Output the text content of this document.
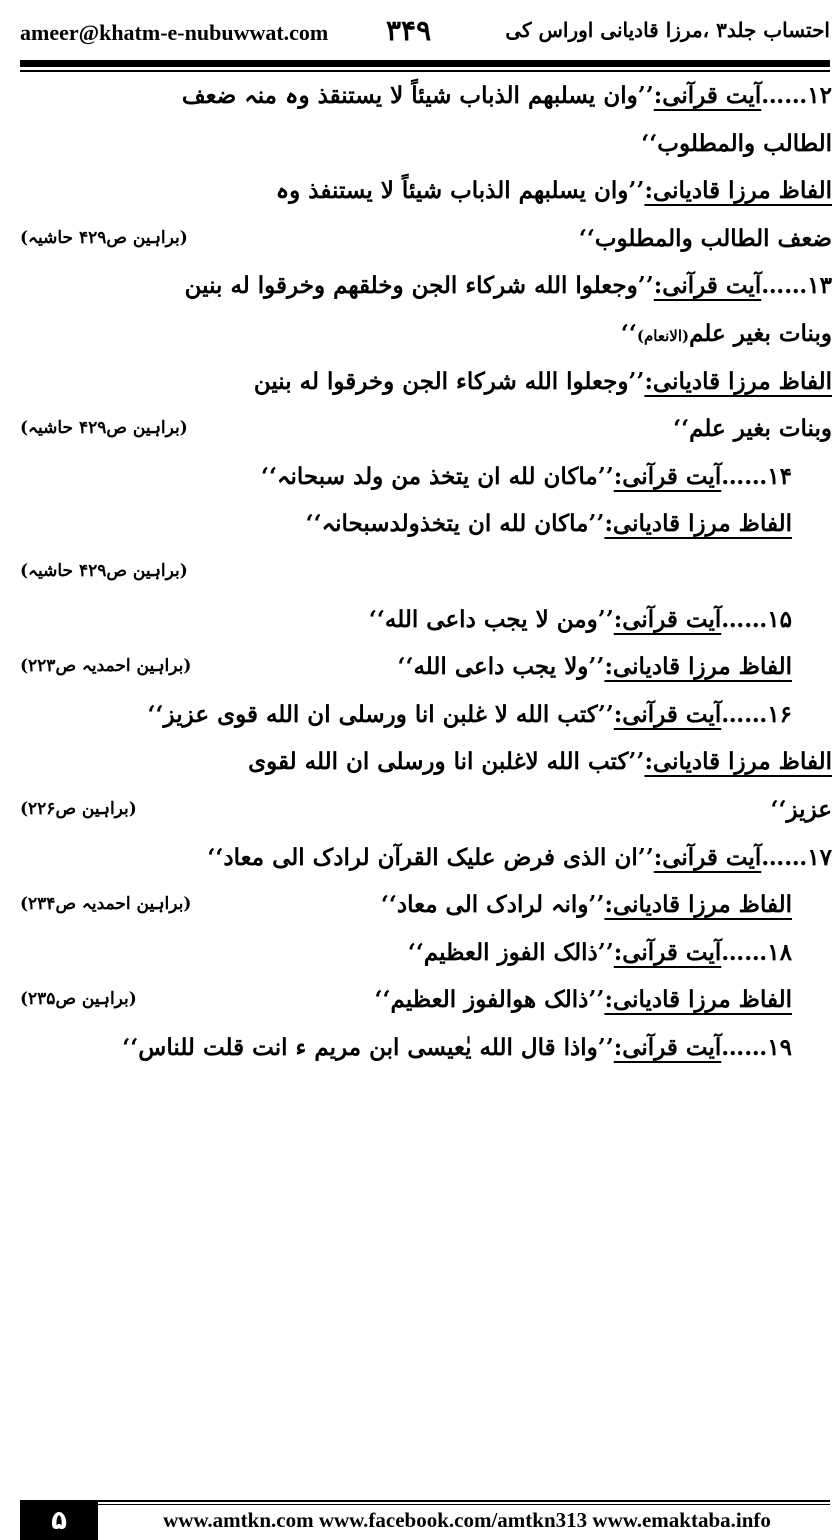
ameer@khatm-e-nubuwwat.com ۳۴۹	احتساب جلد۳ ،مرزا قادیانی اوراس کی
۱۲……آیت قرآنی:’’وان یسلبهم الذباب شیئاً لا یستنقذ وہ منہ ضعف
الطالب والمطلوب‘‘
الفاظ مرزا قادیانی:’’وان یسلبهم الذباب شیئاً لا یستنفذ وہ
ضعف الطالب والمطلوب‘‘
(براہین ص۴۲۹ حاشیہ)
۱۳……آیت قرآنی:’’وجعلوا الله شرکاء الجن وخلقهم وخرقوا له بنین
وبنات بغیر علم(الانعام)‘‘
الفاظ مرزا قادیانی:’’وجعلوا الله شرکاء الجن وخرقوا له بنین
وبنات بغیر علم‘‘
(براہین ص۴۲۹ حاشیہ)
۱۴……آیت قرآنی:’’ماکان لله ان یتخذ من ولد سبحانہ‘‘
الفاظ مرزا قادیانی:’’ماکان لله ان یتخذولدسبحانہ‘‘
(براہین ص۴۲۹ حاشیہ)
۱۵……آیت قرآنی:’’ومن لا یجب داعی الله‘‘
الفاظ مرزا قادیانی:’’ولا یجب داعی الله‘‘
(براہین احمدیہ ص۲۲۳)
۱۶……آیت قرآنی:’’کتب الله لا غلبن انا ورسلی ان الله قوی عزیز‘‘
الفاظ مرزا قادیانی:’’کتب الله لاغلبن انا ورسلی ان الله لقوی
عزیز‘‘
(براہین ص۲۲۶)
۱۷……آیت قرآنی:’’ان الذی فرض علیک القرآن لرادک الی معاد‘‘
الفاظ مرزا قادیانی:’’وانہ لرادک الی معاد‘‘
(براہین احمدیہ ص۲۳۴)
۱۸……آیت قرآنی:’’ذالک الفوز العظیم‘‘
الفاظ مرزا قادیانی:’’ذالک ھوالفوز العظیم‘‘
(براہین ص۲۳۵)
۱۹……آیت قرآنی:’’واذا قال الله یٰعیسی ابن مریم ء انت قلت للناس‘‘
۵	www.amtkn.com www.facebook.com/amtkn313 www.emaktaba.info
